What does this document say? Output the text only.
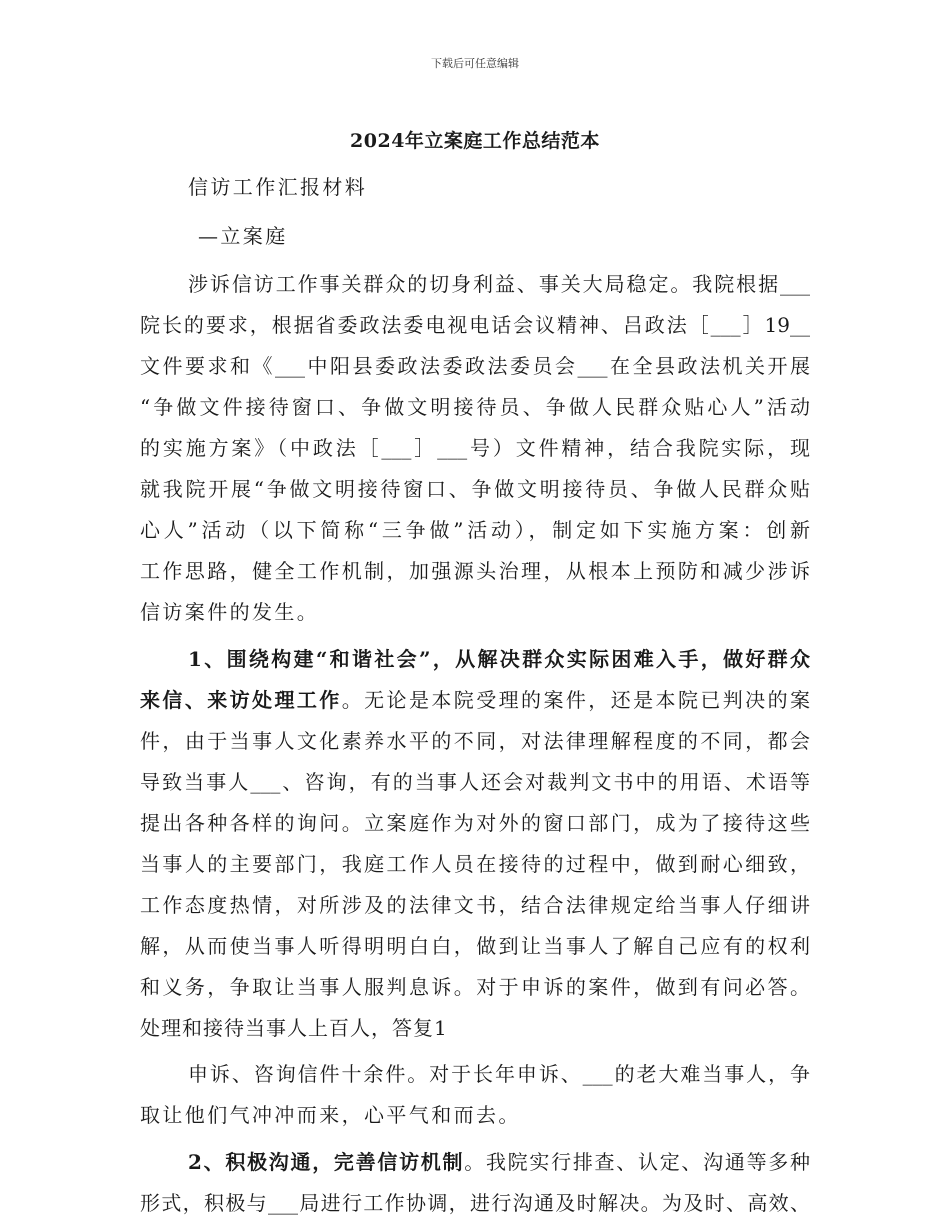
下载后可任意编辑
2024年立案庭工作总结范本
信访工作汇报材料
—立案庭
涉诉信访工作事关群众的切身利益、事关大局稳定。我院根据___
院长的要求，根据省委政法委电视电话会议精神、吕政法［___］19__
文件要求和《___中阳县委政法委政法委员会___在全县政法机关开展
“争做文件接待窗口、争做文明接待员、争做人民群众贴心人”活动
的实施方案》（中政法［___］___号）文件精神，结合我院实际，现
就我院开展“争做文明接待窗口、争做文明接待员、争做人民群众贴
心人”活动（以下简称“三争做”活动），制定如下实施方案：创新
工作思路，健全工作机制，加强源头治理，从根本上预防和减少涉诉
信访案件的发生。
1、围绕构建“和谐社会”，从解决群众实际困难入手，做好群众
来信、来访处理工作。无论是本院受理的案件，还是本院已判决的案
件，由于当事人文化素养水平的不同，对法律理解程度的不同，都会
导致当事人___、咨询，有的当事人还会对裁判文书中的用语、术语等
提出各种各样的询问。立案庭作为对外的窗口部门，成为了接待这些
当事人的主要部门，我庭工作人员在接待的过程中，做到耐心细致，
工作态度热情，对所涉及的法律文书，结合法律规定给当事人仔细讲
解，从而使当事人听得明明白白，做到让当事人了解自己应有的权利
和义务，争取让当事人服判息诉。对于申诉的案件，做到有问必答。
处理和接待当事人上百人，答复1
申诉、咨询信件十余件。对于长年申诉、___的老大难当事人，争
取让他们气冲冲而来，心平气和而去。
2、积极沟通，完善信访机制。我院实行排查、认定、沟通等多种
形式，积极与___局进行工作协调，进行沟通及时解决。为及时、高效、
